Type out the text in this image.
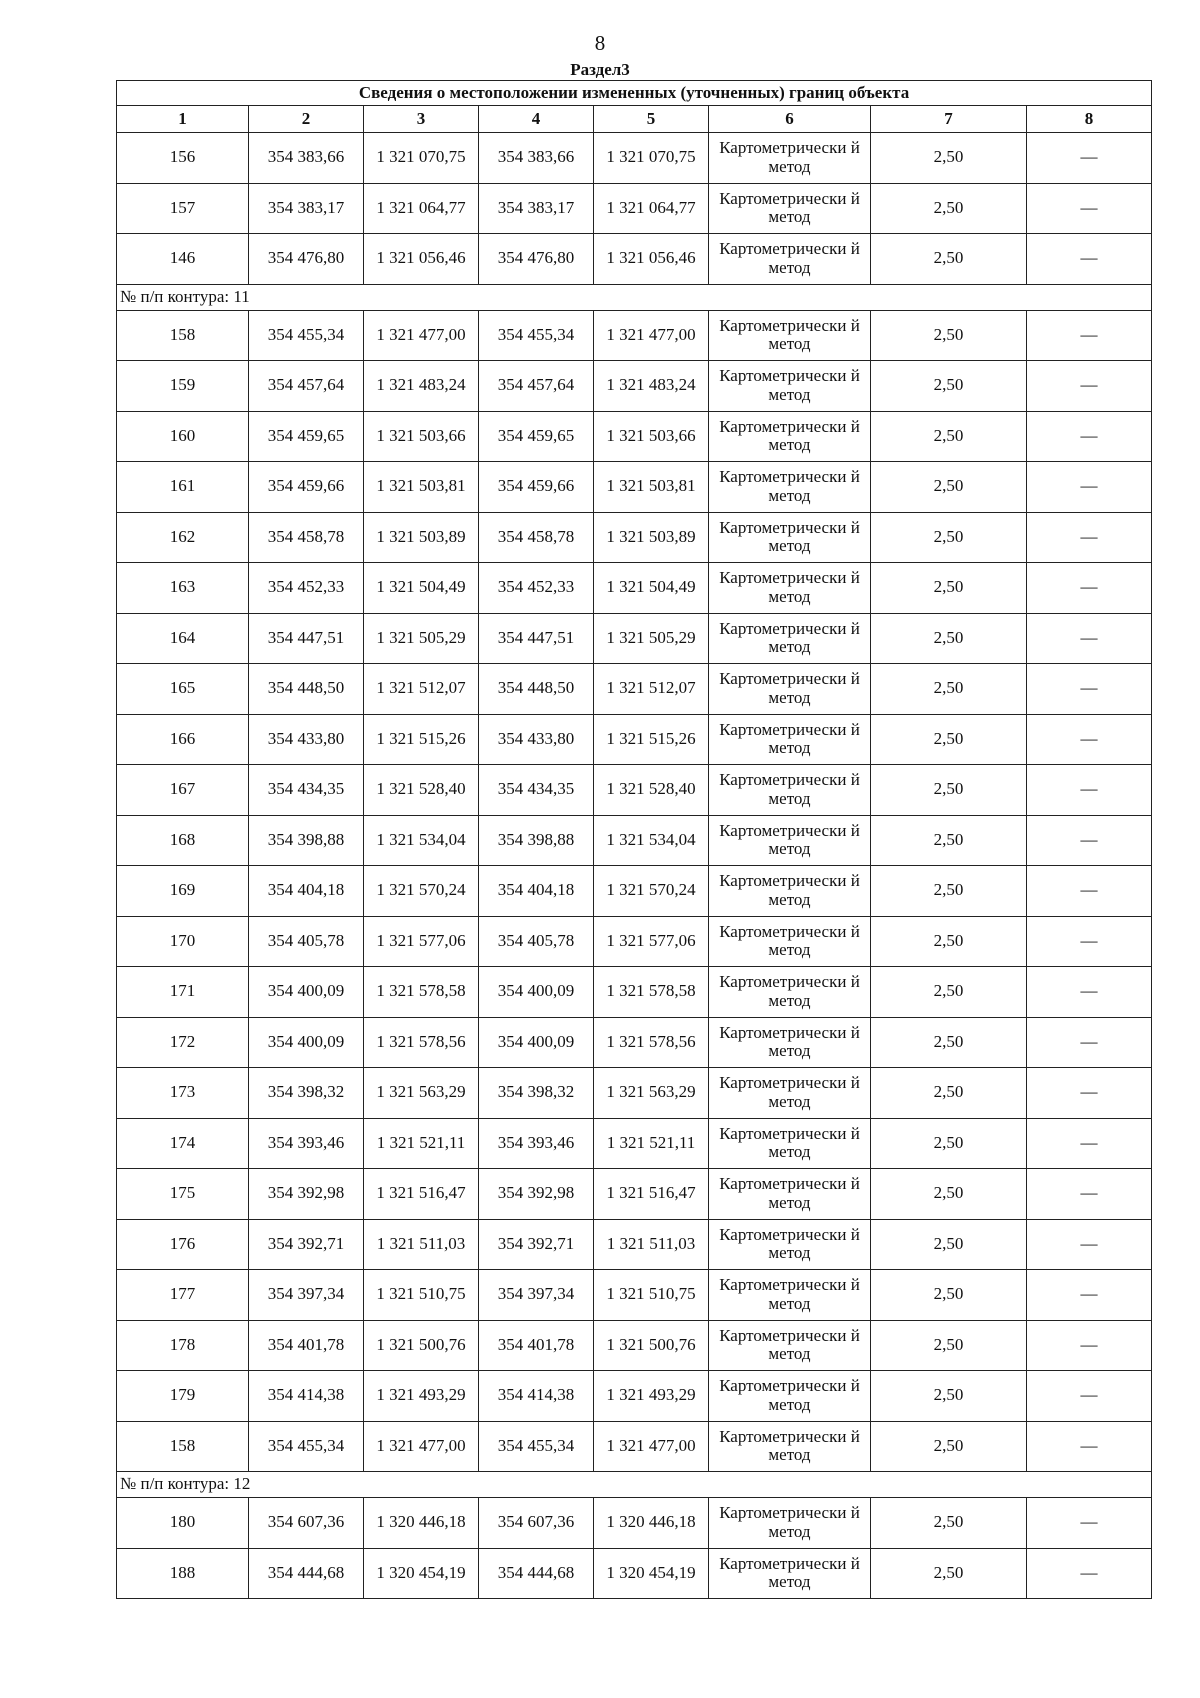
8
Раздел3
Сведения о местоположении измененных (уточненных) границ объекта							
1	2	3	4	5	6	7	8
156	354 383,66	1 321 070,75	354 383,66	1 321 070,75	Картометрически й метод	2,50	—
157	354 383,17	1 321 064,77	354 383,17	1 321 064,77	Картометрически й метод	2,50	—
146	354 476,80	1 321 056,46	354 476,80	1 321 056,46	Картометрически й метод	2,50	—
№ п/п контура: 11							
158	354 455,34	1 321 477,00	354 455,34	1 321 477,00	Картометрически й метод	2,50	—
159	354 457,64	1 321 483,24	354 457,64	1 321 483,24	Картометрически й метод	2,50	—
160	354 459,65	1 321 503,66	354 459,65	1 321 503,66	Картометрически й метод	2,50	—
161	354 459,66	1 321 503,81	354 459,66	1 321 503,81	Картометрически й метод	2,50	—
162	354 458,78	1 321 503,89	354 458,78	1 321 503,89	Картометрически й метод	2,50	—
163	354 452,33	1 321 504,49	354 452,33	1 321 504,49	Картометрически й метод	2,50	—
164	354 447,51	1 321 505,29	354 447,51	1 321 505,29	Картометрически й метод	2,50	—
165	354 448,50	1 321 512,07	354 448,50	1 321 512,07	Картометрически й метод	2,50	—
166	354 433,80	1 321 515,26	354 433,80	1 321 515,26	Картометрически й метод	2,50	—
167	354 434,35	1 321 528,40	354 434,35	1 321 528,40	Картометрически й метод	2,50	—
168	354 398,88	1 321 534,04	354 398,88	1 321 534,04	Картометрически й метод	2,50	—
169	354 404,18	1 321 570,24	354 404,18	1 321 570,24	Картометрически й метод	2,50	—
170	354 405,78	1 321 577,06	354 405,78	1 321 577,06	Картометрически й метод	2,50	—
171	354 400,09	1 321 578,58	354 400,09	1 321 578,58	Картометрически й метод	2,50	—
172	354 400,09	1 321 578,56	354 400,09	1 321 578,56	Картометрически й метод	2,50	—
173	354 398,32	1 321 563,29	354 398,32	1 321 563,29	Картометрически й метод	2,50	—
174	354 393,46	1 321 521,11	354 393,46	1 321 521,11	Картометрически й метод	2,50	—
175	354 392,98	1 321 516,47	354 392,98	1 321 516,47	Картометрически й метод	2,50	—
176	354 392,71	1 321 511,03	354 392,71	1 321 511,03	Картометрически й метод	2,50	—
177	354 397,34	1 321 510,75	354 397,34	1 321 510,75	Картометрически й метод	2,50	—
178	354 401,78	1 321 500,76	354 401,78	1 321 500,76	Картометрически й метод	2,50	—
179	354 414,38	1 321 493,29	354 414,38	1 321 493,29	Картометрически й метод	2,50	—
158	354 455,34	1 321 477,00	354 455,34	1 321 477,00	Картометрически й метод	2,50	—
№ п/п контура: 12							
180	354 607,36	1 320 446,18	354 607,36	1 320 446,18	Картометрически й метод	2,50	—
188	354 444,68	1 320 454,19	354 444,68	1 320 454,19	Картометрически й метод	2,50	—
